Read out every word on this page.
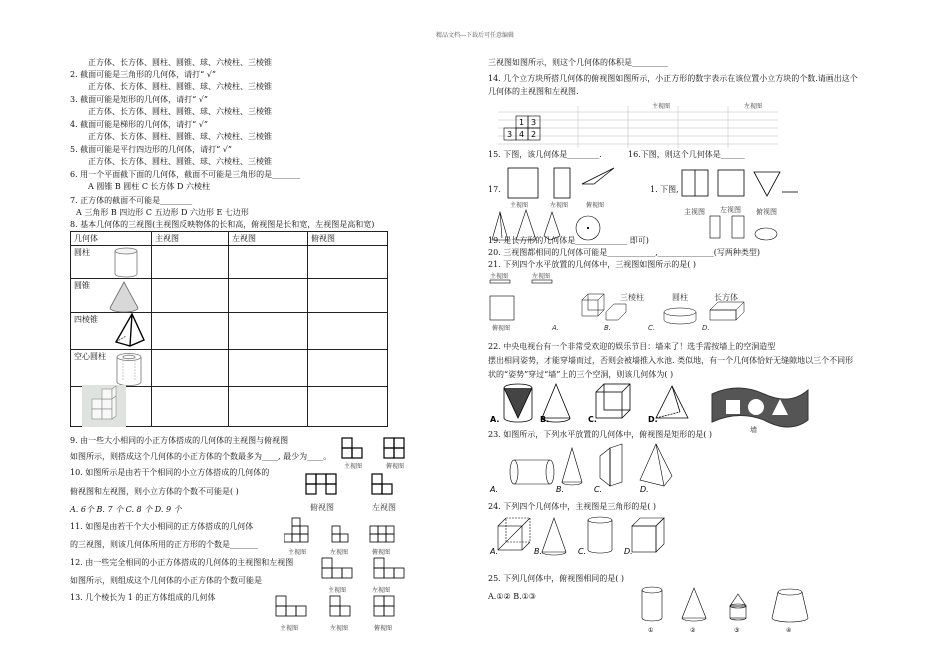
精品文档---下载后可任意编辑
正方体、长方体、圆柱、圆锥、球、六棱柱、三棱锥
2. 截面可能是三角形的几何体，请打“ √”
正方体、长方体、圆柱、圆锥、球、六棱柱、三棱锥
3. 截面可能是矩形的几何体，请打“ √”
正方体、长方体、圆柱、圆锥、球、六棱柱、三棱锥
4. 截面可能是梯形的几何体，请打“ √”
正方体、长方体、圆柱、圆锥、球、六棱柱、三棱锥
5. 截面可能是平行四边形的几何体，请打“ √”
正方体、长方体、圆柱、圆锥、球、六棱柱、三棱锥
6. 用一个平面截下面的几何体，截面不可能是三角形的是_______
A 圆锥 B 圆柱 C 长方体 D 六棱柱
7. 正方体的截面不可能是________
A 三角形 B 四边形 C 五边形 D 六边形 E 七边形
8. 基本几何体的三视图(主视图反映物体的长和高，俯视图是长和宽，左视图是高和宽)
几何体	主视图	左视图	俯视图
圆柱			
圆锥			
四棱锥			
空心圆柱			

9. 由一些大小相同的小正方体搭成的几何体的主视图与俯视图
如图所示，则搭成这个几何体的小正方体的个数最多为____, 最少为____。
主视图	俯视图
10. 如图所示是由若干个相同的小立方体搭成的几何体的
俯视图和左视图，则小立方体的个数不可能是( )
A. 6个 B. 7 个 C. 8 个 D. 9 个	俯视图	左视图
11. 如图是由若干个大小相同的正方体搭成的几何体
的三视图，则该几何体所用的正方形的个数是_______
主视图	左视图	俯视图
12. 由一些完全相同的小正方体搭成的几何体的主视图和左视图
如图所示，则组成这个几何体的小正方体的个数可能是
13. 几个棱长为 1 的正方体组成的几何体
主视图	左视图
主视图	左视图	俯视图
三视图如图所示，则这个几何体的体积是_________
14. 几个立方块所搭几何体的俯视图如图所示，小正方形的数字表示在该位置小立方块的个数.请画出这个
几何体的主视图和左视图.
主视图	左视图
1 3
3 4 2
15. 下图，该几何体是________.	16.下图，则这个几何体是______
17.
主视图	左视图	俯视图
1. 下图,
主视图 左视图 俯视图
19. 是长方形的几何体是_____________ 即可)
20. 三视图都相同的几何体可能是____________,______________(写两种类型)
21. 下列四个水平放置的几何体中，三视图如图所示的是( )
主视图	左视图
俯视图
三棱柱	圆柱	长方体
A.	B.	C.	D.
22. 中央电视台有一个非常受欢迎的娱乐节目：墙来了！选手需按墙上的空洞造型
摆出相同姿势，才能穿墙而过，否则会被墙推入水池. 类似地，有一个几何体恰好无缝隙地以三个不同形
状的“姿势”穿过“墙”上的三个空洞，则该几何体为( )
墙
A.	B.	C.	D.
23. 如图所示，下列水平放置的几何体中，俯视图是矩形的是( )
A.	B.	C.	D.
24. 下列四个几何体中，主视图是三角形的是( )
A.	B.	C.	D.
25. 下列几何体中，俯视图相同的是( )
A.①② B.①③
①	②	③	④
